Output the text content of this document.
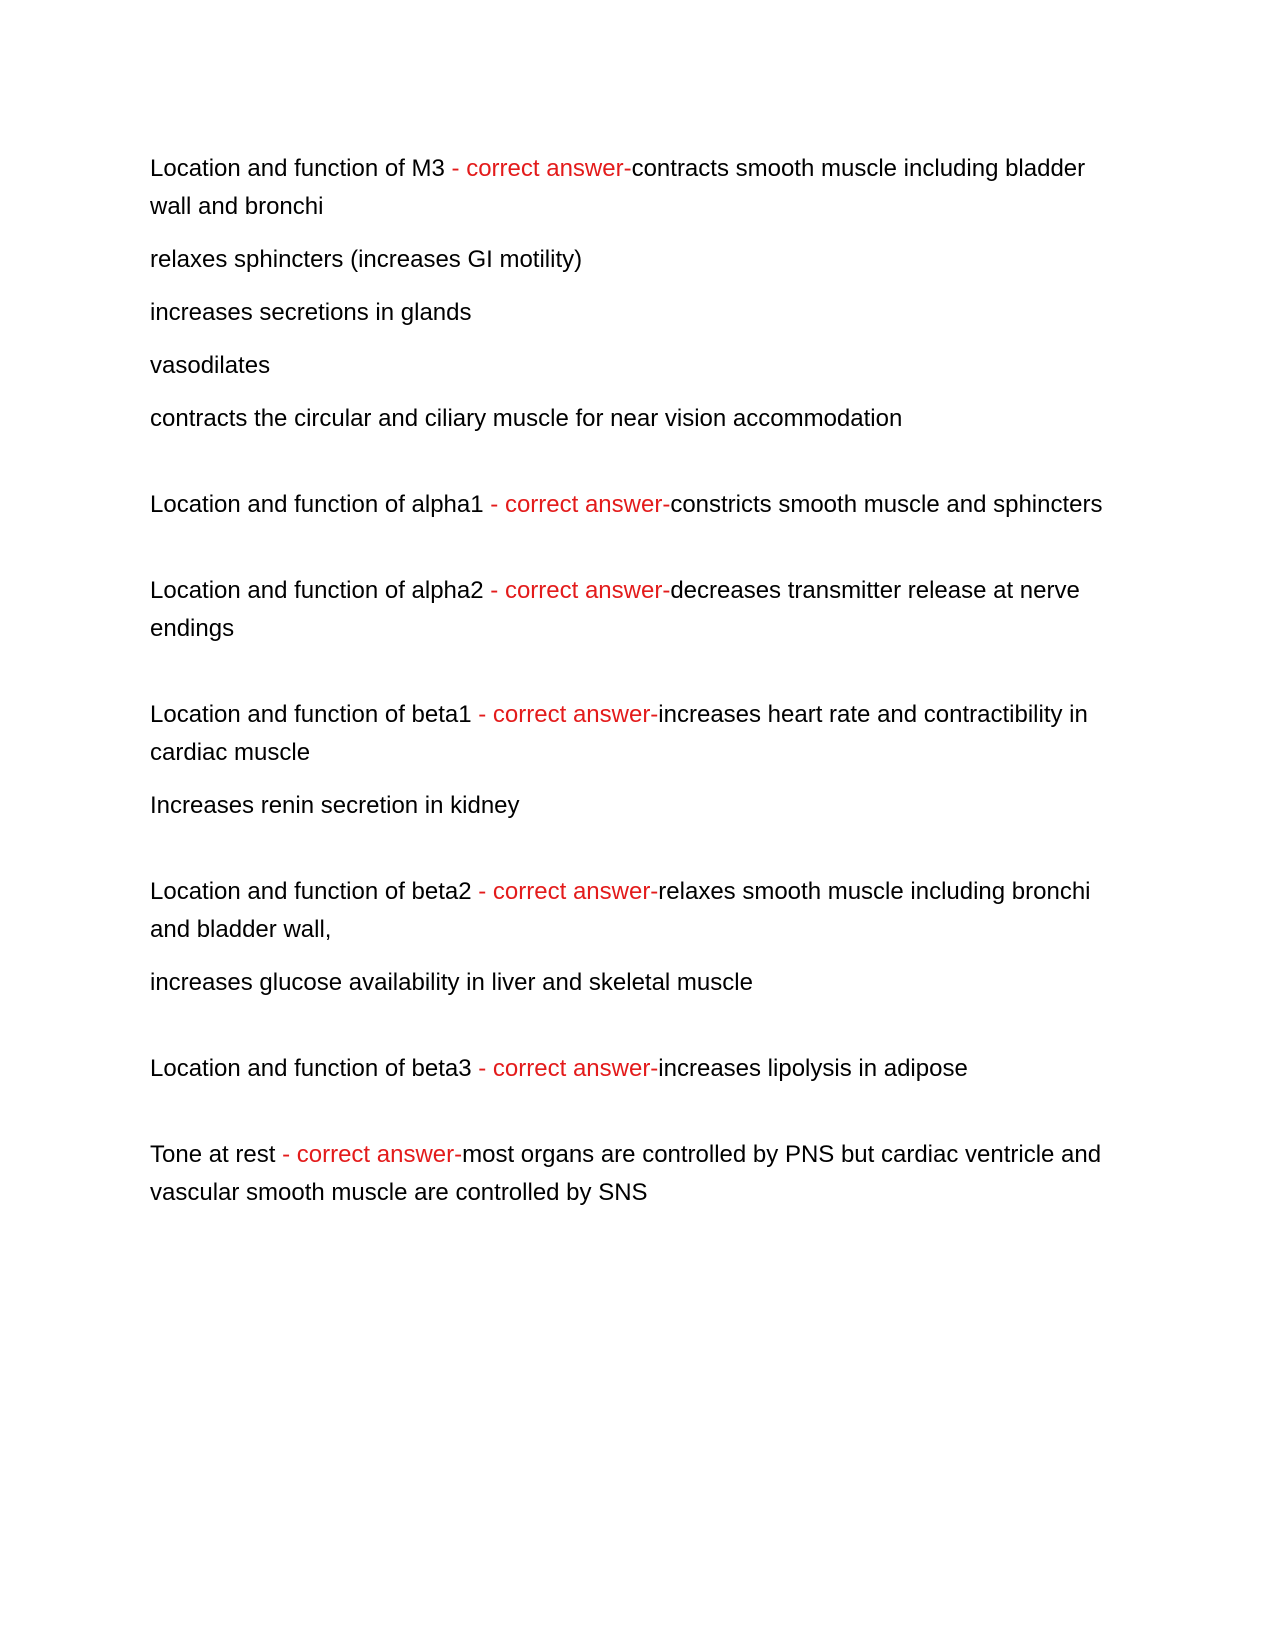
Location and function of M3 - correct answer-contracts smooth muscle including bladder wall and bronchi

relaxes sphincters (increases GI motility)

increases secretions in glands

vasodilates

contracts the circular and ciliary muscle for near vision accommodation

Location and function of alpha1 - correct answer-constricts smooth muscle and sphincters

Location and function of alpha2 - correct answer-decreases transmitter release at nerve endings

Location and function of beta1 - correct answer-increases heart rate and contractibility in cardiac muscle

Increases renin secretion in kidney

Location and function of beta2 - correct answer-relaxes smooth muscle including bronchi and bladder wall,

increases glucose availability in liver and skeletal muscle

Location and function of beta3 - correct answer-increases lipolysis in adipose

Tone at rest - correct answer-most organs are controlled by PNS but cardiac ventricle and vascular smooth muscle are controlled by SNS
